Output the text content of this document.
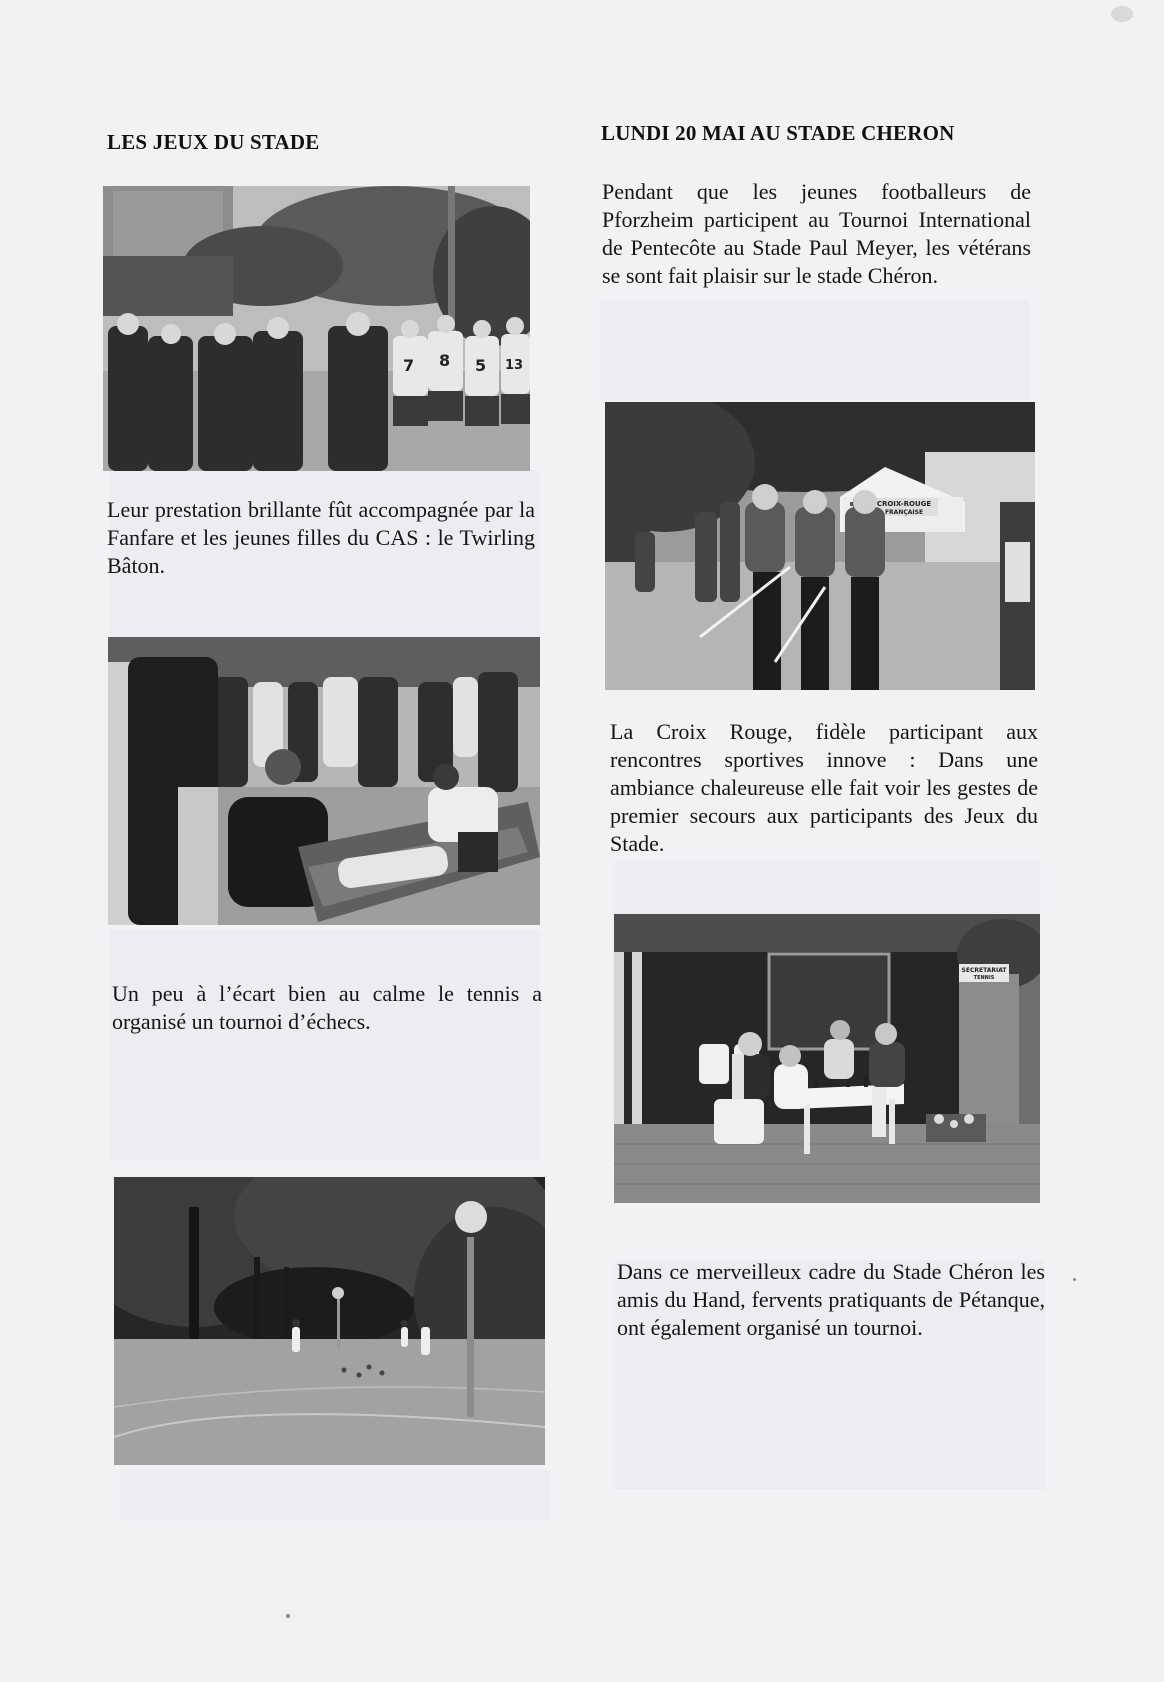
LES JEUX DU STADE
7 8 5 13

Leur prestation brillante fût accompagnée par la Fanfare et les jeunes filles du CAS : le Twirling Bâton.

Un peu à l’écart bien au calme le tennis a organisé un tournoi d’échecs.

LUNDI 20 MAI AU STADE CHERON

Pendant que les jeunes footballeurs de Pforzheim participent au Tournoi International de Pentecôte au Stade Paul Meyer, les vétérans se sont fait plaisir sur le stade Chéron.

CROIX-ROUGE
FRANÇAISE

La Croix Rouge, fidèle participant aux rencontres sportives innove : Dans une ambiance chaleureuse elle fait voir les gestes de premier secours aux participants des Jeux du Stade.

SECRETARIAT
TENNIS

Dans ce merveilleux cadre du Stade Chéron les amis du Hand, fervents pratiquants de Pétanque, ont également organisé un tournoi.
